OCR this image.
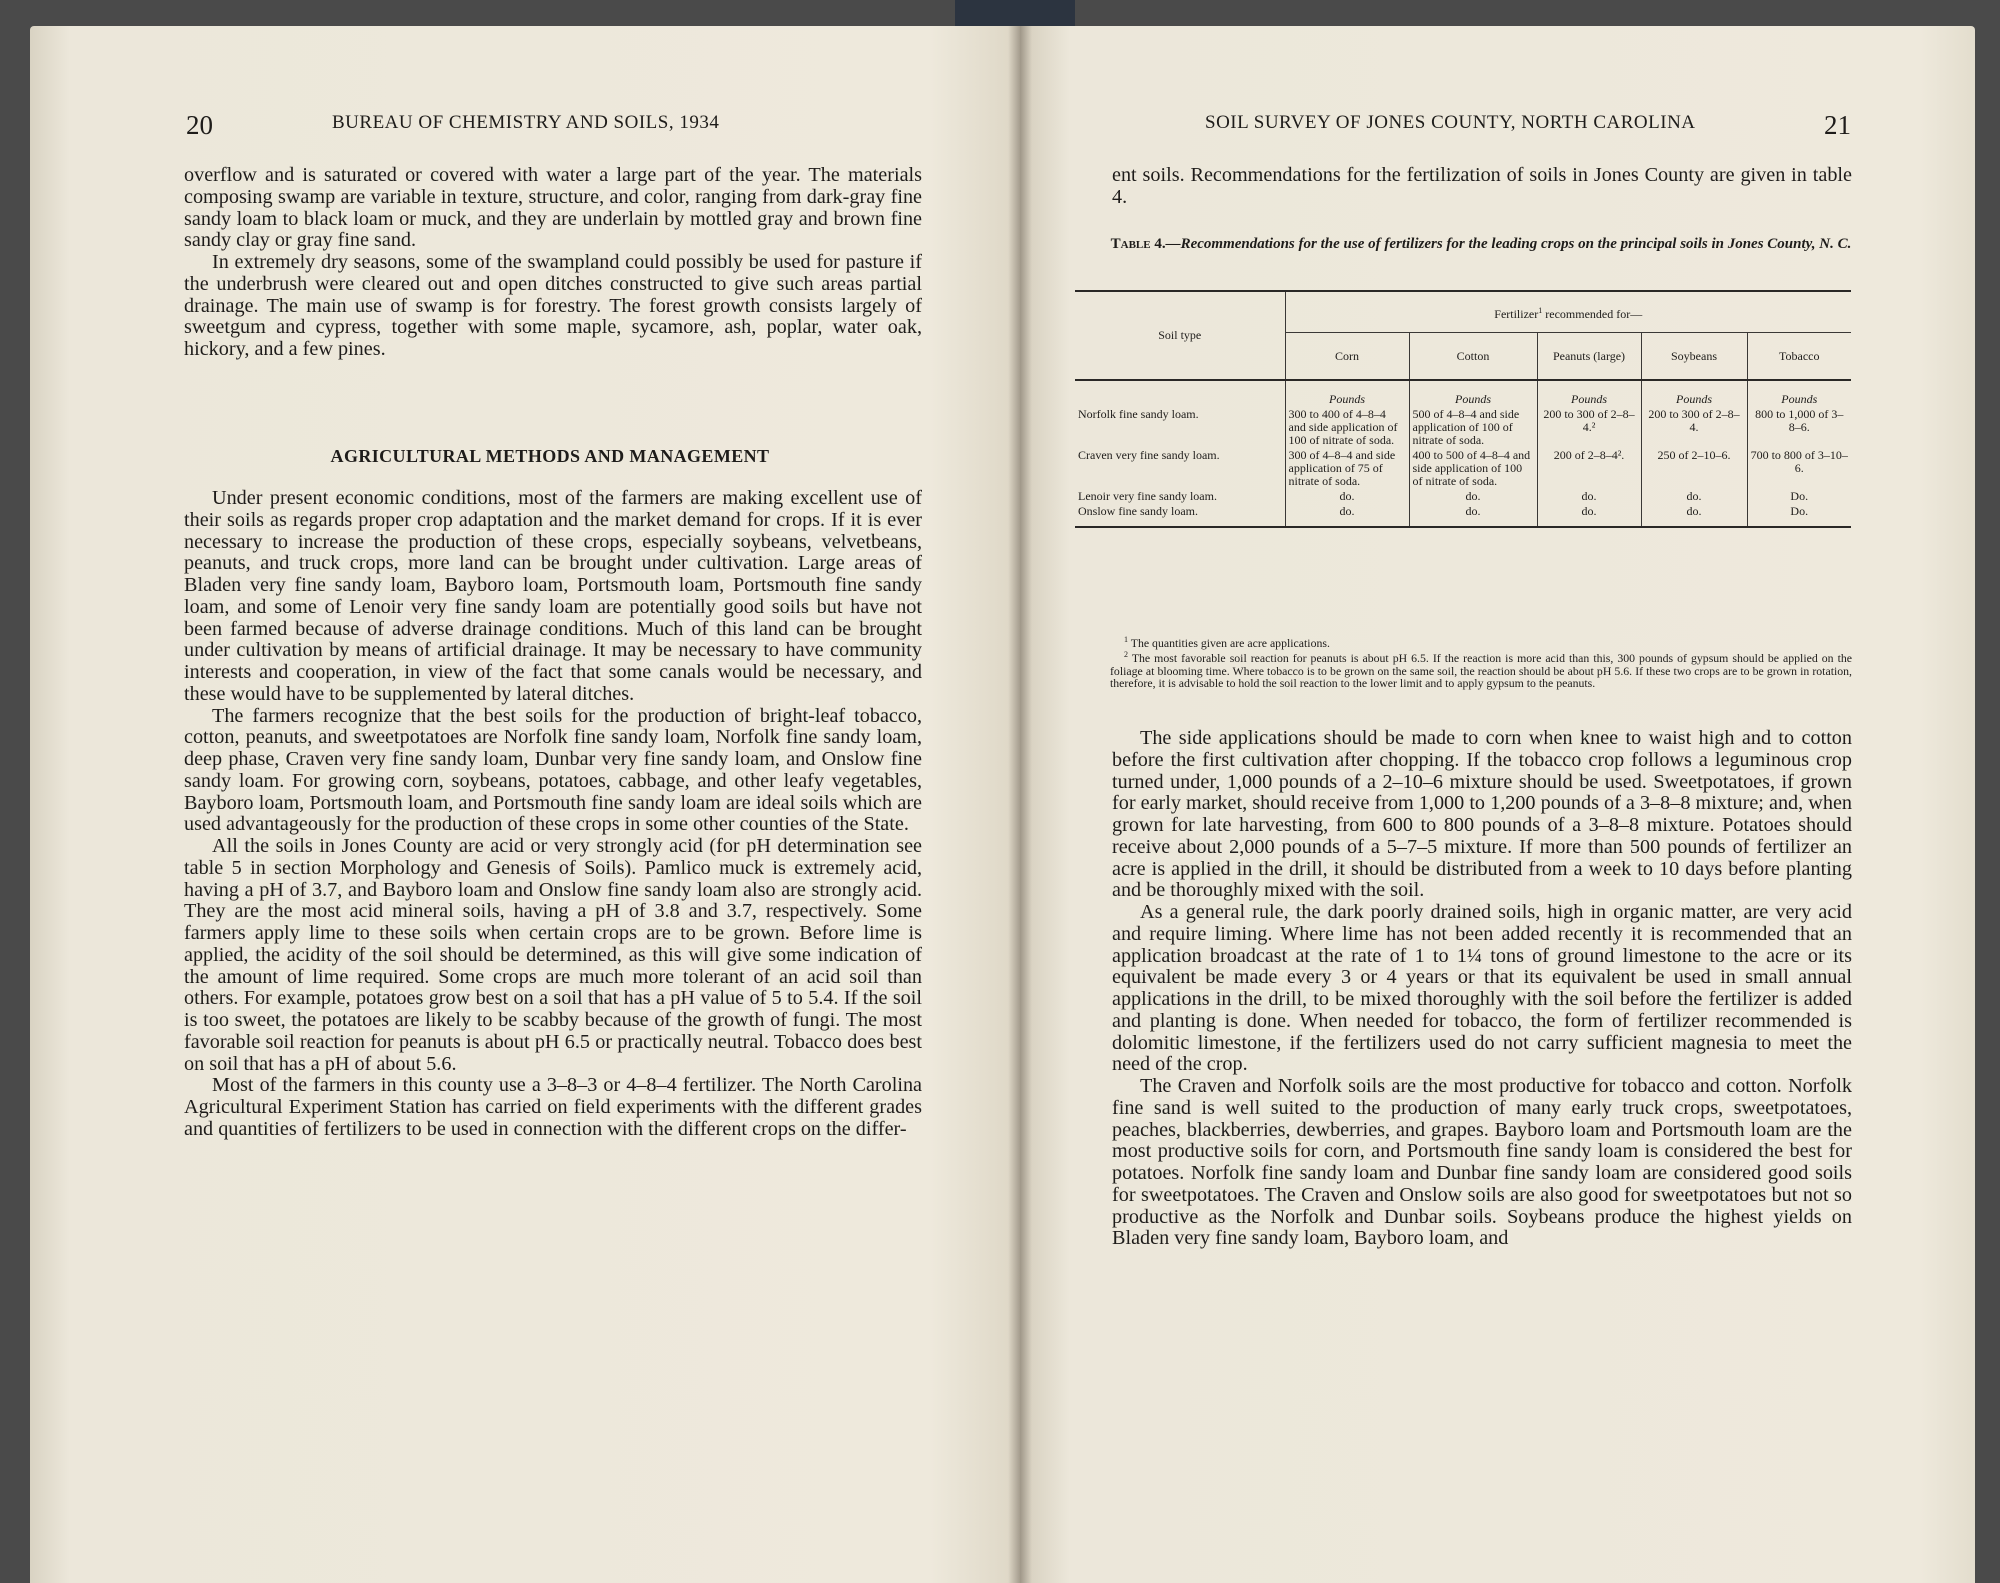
20	BUREAU OF CHEMISTRY AND SOILS, 1934

overflow and is saturated or covered with water a large part of the year. The materials composing swamp are variable in texture, structure, and color, ranging from dark-gray fine sandy loam to black loam or muck, and they are underlain by mottled gray and brown fine sandy clay or gray fine sand.

In extremely dry seasons, some of the swampland could possibly be used for pasture if the underbrush were cleared out and open ditches constructed to give such areas partial drainage. The main use of swamp is for forestry. The forest growth consists largely of sweetgum and cypress, together with some maple, sycamore, ash, poplar, water oak, hickory, and a few pines.

AGRICULTURAL METHODS AND MANAGEMENT

Under present economic conditions, most of the farmers are making excellent use of their soils as regards proper crop adaptation and the market demand for crops. If it is ever necessary to increase the production of these crops, especially soybeans, velvetbeans, peanuts, and truck crops, more land can be brought under cultivation. Large areas of Bladen very fine sandy loam, Bayboro loam, Portsmouth loam, Portsmouth fine sandy loam, and some of Lenoir very fine sandy loam are potentially good soils but have not been farmed because of adverse drainage conditions. Much of this land can be brought under cultivation by means of artificial drainage. It may be necessary to have community interests and cooperation, in view of the fact that some canals would be necessary, and these would have to be supplemented by lateral ditches.

The farmers recognize that the best soils for the production of bright-leaf tobacco, cotton, peanuts, and sweetpotatoes are Norfolk fine sandy loam, Norfolk fine sandy loam, deep phase, Craven very fine sandy loam, Dunbar very fine sandy loam, and Onslow fine sandy loam. For growing corn, soybeans, potatoes, cabbage, and other leafy vegetables, Bayboro loam, Portsmouth loam, and Portsmouth fine sandy loam are ideal soils which are used advantageously for the production of these crops in some other counties of the State.

All the soils in Jones County are acid or very strongly acid (for pH determination see table 5 in section Morphology and Genesis of Soils). Pamlico muck is extremely acid, having a pH of 3.7, and Bayboro loam and Onslow fine sandy loam also are strongly acid. They are the most acid mineral soils, having a pH of 3.8 and 3.7, respectively. Some farmers apply lime to these soils when certain crops are to be grown. Before lime is applied, the acidity of the soil should be determined, as this will give some indication of the amount of lime required. Some crops are much more tolerant of an acid soil than others. For example, potatoes grow best on a soil that has a pH value of 5 to 5.4. If the soil is too sweet, the potatoes are likely to be scabby because of the growth of fungi. The most favorable soil reaction for peanuts is about pH 6.5 or practically neutral. Tobacco does best on soil that has a pH of about 5.6.

Most of the farmers in this county use a 3–8–3 or 4–8–4 fertilizer. The North Carolina Agricultural Experiment Station has carried on field experiments with the different grades and quantities of fertilizers to be used in connection with the different crops on the differ-

SOIL SURVEY OF JONES COUNTY, NORTH CAROLINA	21

ent soils. Recommendations for the fertilization of soils in Jones County are given in table 4.

Table 4.—Recommendations for the use of fertilizers for the leading crops on the principal soils in Jones County, N. C.
Soil type	Fertilizer$^1$ recommended for—				
	Corn	Cotton	Peanuts (large)	Soybeans	Tobacco
	Pounds	Pounds	Pounds	Pounds	Pounds
Norfolk fine sandy loam.	300 to 400 of 4–8–4 and side application of 100 of nitrate of soda.	500 of 4–8–4 and side application of 100 of nitrate of soda.	200 to 300 of 2–8–4.²	200 to 300 of 2–8–4.	800 to 1,000 of 3–8–6.
Craven very fine sandy loam.	300 of 4–8–4 and side application of 75 of nitrate of soda.	400 to 500 of 4–8–4 and side application of 100 of nitrate of soda.	200 of 2–8–4².	250 of 2–10–6.	700 to 800 of 3–10–6.
Lenoir very fine sandy loam.	do.	do.	do.	do.	Do.
Onslow fine sandy loam.	do.	do.	do.	do.	Do.

$^1$ The quantities given are acre applications.

$^2$ The most favorable soil reaction for peanuts is about pH 6.5. If the reaction is more acid than this, 300 pounds of gypsum should be applied on the foliage at blooming time. Where tobacco is to be grown on the same soil, the reaction should be about pH 5.6. If these two crops are to be grown in rotation, therefore, it is advisable to hold the soil reaction to the lower limit and to apply gypsum to the peanuts.

The side applications should be made to corn when knee to waist high and to cotton before the first cultivation after chopping. If the tobacco crop follows a leguminous crop turned under, 1,000 pounds of a 2–10–6 mixture should be used. Sweetpotatoes, if grown for early market, should receive from 1,000 to 1,200 pounds of a 3–8–8 mixture; and, when grown for late harvesting, from 600 to 800 pounds of a 3–8–8 mixture. Potatoes should receive about 2,000 pounds of a 5–7–5 mixture. If more than 500 pounds of fertilizer an acre is applied in the drill, it should be distributed from a week to 10 days before planting and be thoroughly mixed with the soil.

As a general rule, the dark poorly drained soils, high in organic matter, are very acid and require liming. Where lime has not been added recently it is recommended that an application broadcast at the rate of 1 to 1¼ tons of ground limestone to the acre or its equivalent be made every 3 or 4 years or that its equivalent be used in small annual applications in the drill, to be mixed thoroughly with the soil before the fertilizer is added and planting is done. When needed for tobacco, the form of fertilizer recommended is dolomitic limestone, if the fertilizers used do not carry sufficient magnesia to meet the need of the crop.

The Craven and Norfolk soils are the most productive for tobacco and cotton. Norfolk fine sand is well suited to the production of many early truck crops, sweetpotatoes, peaches, blackberries, dewberries, and grapes. Bayboro loam and Portsmouth loam are the most productive soils for corn, and Portsmouth fine sandy loam is considered the best for potatoes. Norfolk fine sandy loam and Dunbar fine sandy loam are considered good soils for sweetpotatoes. The Craven and Onslow soils are also good for sweetpotatoes but not so productive as the Norfolk and Dunbar soils. Soybeans produce the highest yields on Bladen very fine sandy loam, Bayboro loam, and
